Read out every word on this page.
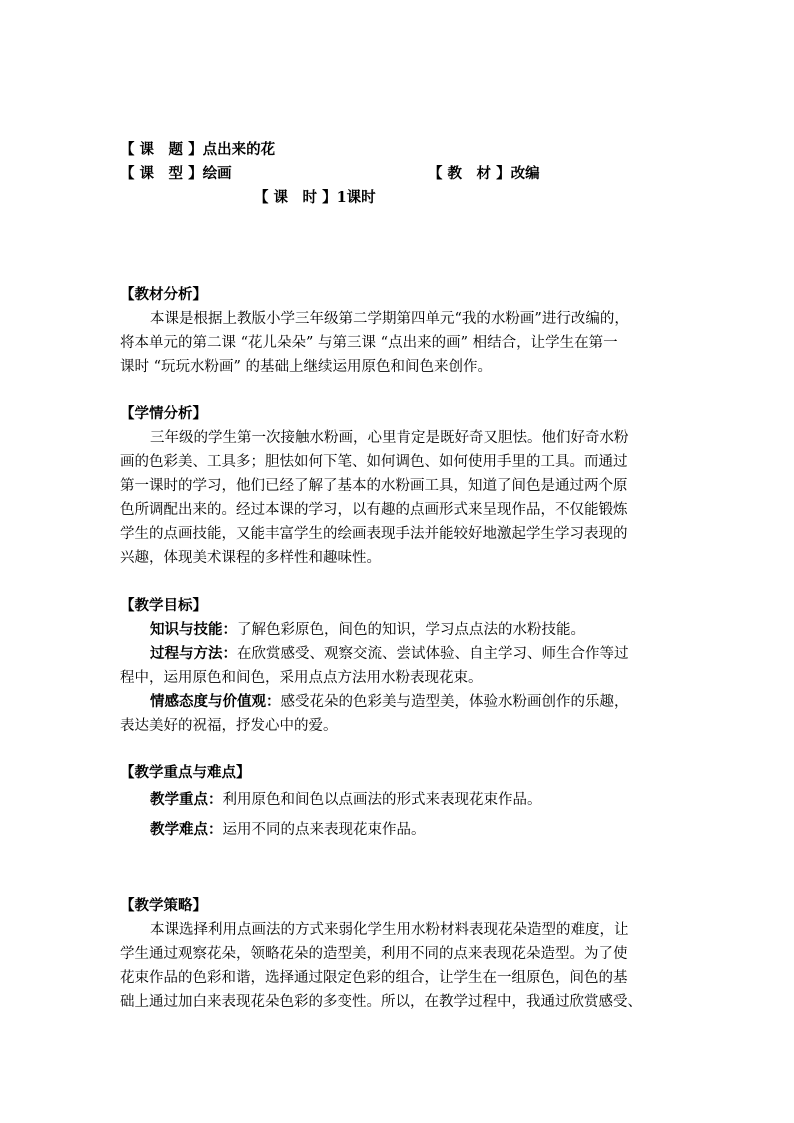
【 课　题 】点出来的花
【 课　型 】绘画	【 教　材 】改编
【 课　时 】1课时
【教材分析】
本课是根据上教版小学三年级第二学期第四单元“我的水粉画”进行改编的，
将本单元的第二课 “花儿朵朵” 与第三课 “点出来的画” 相结合，让学生在第一
课时 “玩玩水粉画” 的基础上继续运用原色和间色来创作。
【学情分析】
三年级的学生第一次接触水粉画，心里肯定是既好奇又胆怯。他们好奇水粉
画的色彩美、工具多；胆怯如何下笔、如何调色、如何使用手里的工具。而通过
第一课时的学习，他们已经了解了基本的水粉画工具，知道了间色是通过两个原
色所调配出来的。经过本课的学习，以有趣的点画形式来呈现作品，不仅能锻炼
学生的点画技能，又能丰富学生的绘画表现手法并能较好地激起学生学习表现的
兴趣，体现美术课程的多样性和趣味性。
【教学目标】
知识与技能：了解色彩原色，间色的知识，学习点点法的水粉技能。
过程与方法：在欣赏感受、观察交流、尝试体验、自主学习、师生合作等过
程中，运用原色和间色，采用点点方法用水粉表现花束。
情感态度与价值观：感受花朵的色彩美与造型美，体验水粉画创作的乐趣，
表达美好的祝福，抒发心中的爱。
【教学重点与难点】
教学重点：利用原色和间色以点画法的形式来表现花束作品。
教学难点：运用不同的点来表现花束作品。
【教学策略】
本课选择利用点画法的方式来弱化学生用水粉材料表现花朵造型的难度，让
学生通过观察花朵，领略花朵的造型美，利用不同的点来表现花朵造型。为了使
花束作品的色彩和谐，选择通过限定色彩的组合，让学生在一组原色，间色的基
础上通过加白来表现花朵色彩的多变性。所以，在教学过程中，我通过欣赏感受、
